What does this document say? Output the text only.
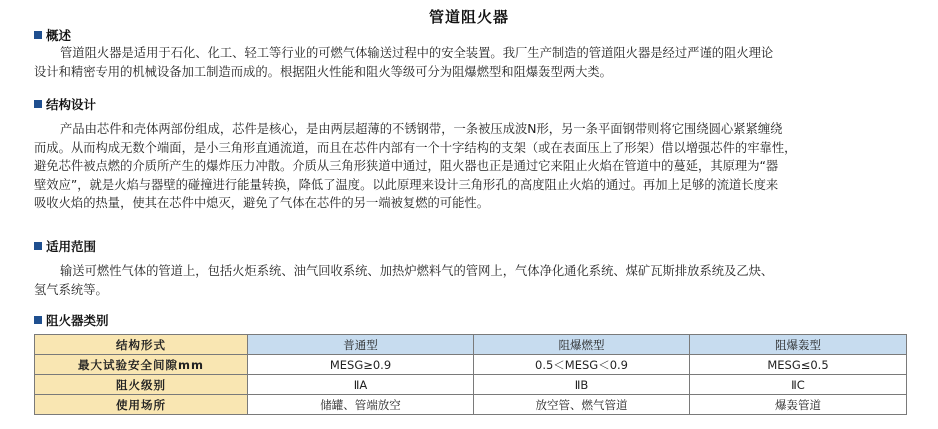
管道阻火器
概述
管道阻火器是适用于石化、化工、轻工等行业的可燃气体输送过程中的安全装置。我厂生产制造的管道阻火器是经过严谨的阻火理论
设计和精密专用的机械设备加工制造而成的。根据阻火性能和阻火等级可分为阻爆燃型和阻爆轰型两大类。
结构设计
产品由芯件和壳体两部份组成，芯件是核心，是由两层超薄的不锈钢带，一条被压成波N形，另一条平面钢带则将它围绕圆心紧紧缠绕
而成。从而构成无数个端面，是小三角形直通流道，而且在芯件内部有一个十字结构的支架（或在表面压上了形架）借以增强芯件的牢靠性，
避免芯件被点燃的介质所产生的爆炸压力冲散。介质从三角形狭道中通过，阻火器也正是通过它来阻止火焰在管道中的蔓延，其原理为“器
壁效应”，就是火焰与器壁的碰撞进行能量转换，降低了温度。以此原理来设计三角形孔的高度阻止火焰的通过。再加上足够的流道长度来
吸收火焰的热量，使其在芯件中熄灭，避免了气体在芯件的另一端被复燃的可能性。
适用范围
输送可燃性气体的管道上，包括火炬系统、油气回收系统、加热炉燃料气的管网上，气体净化通化系统、煤矿瓦斯排放系统及乙炔、
氢气系统等。
阻火器类别
结构形式	普通型	阻爆燃型	阻爆轰型
最大试验安全间隙mm	MESG≥0.9	0.5＜MESG＜0.9	MESG≤0.5
阻火级别	ⅡA	ⅡB	ⅡC
使用场所	储罐、管端放空	放空管、燃气管道	爆轰管道
